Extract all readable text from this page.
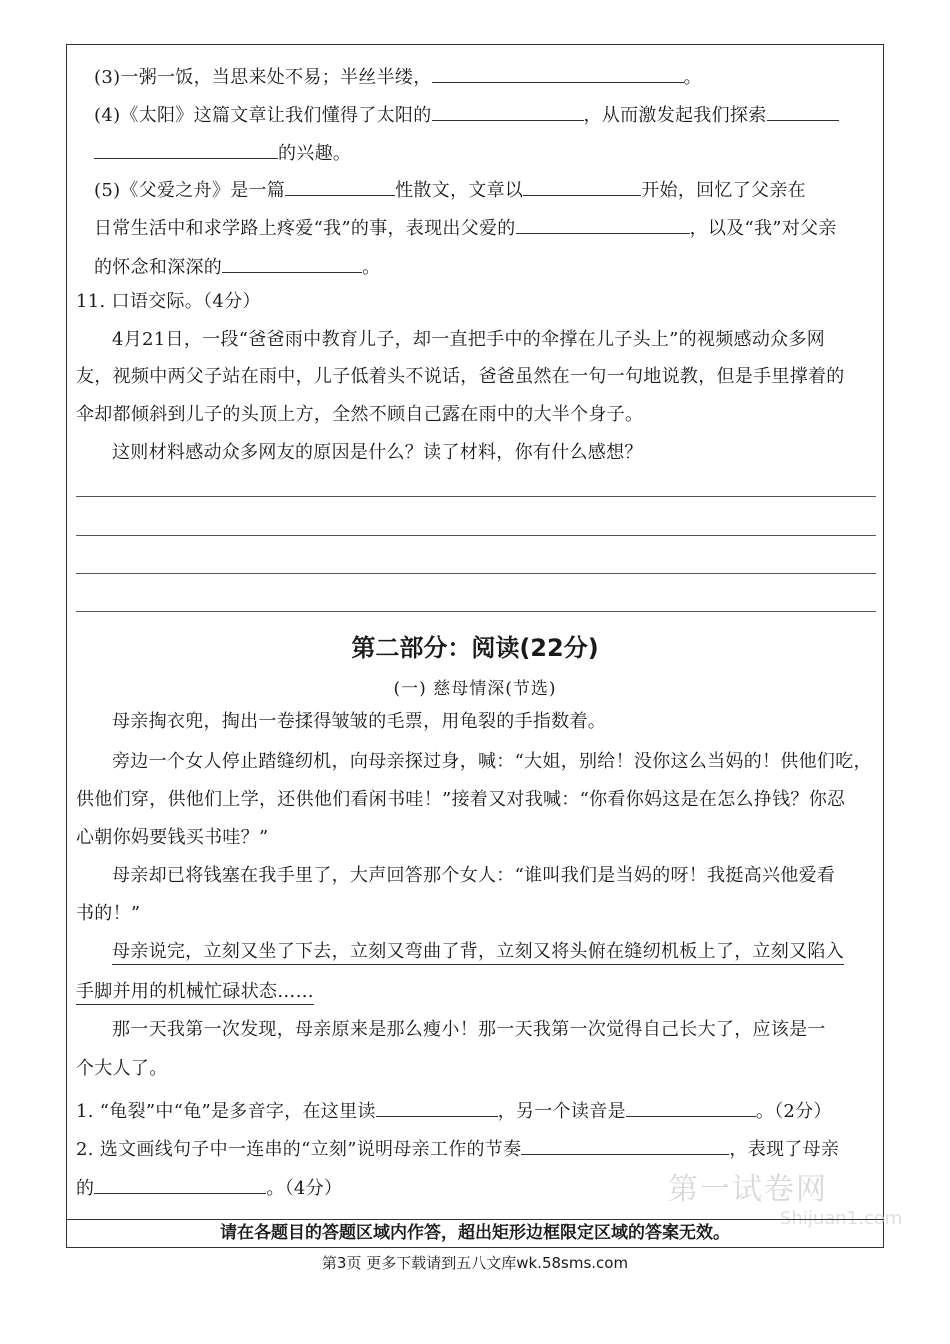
(3)一粥一饭，当思来处不易；半丝半缕，	。
(4)《太阳》这篇文章让我们懂得了太阳的	，从而激发起我们探索
的兴趣。
(5)《父爱之舟》是一篇	性散文，文章以	开始，回忆了父亲在
日常生活中和求学路上疼爱“我”的事，表现出父爱的	，以及“我”对父亲
的怀念和深深的	。
11. 口语交际。（4分）
4月21日，一段“爸爸雨中教育儿子，却一直把手中的伞撑在儿子头上”的视频感动众多网
友，视频中两父子站在雨中，儿子低着头不说话，爸爸虽然在一句一句地说教，但是手里撑着的
伞却都倾斜到儿子的头顶上方，全然不顾自己露在雨中的大半个身子。
这则材料感动众多网友的原因是什么？读了材料，你有什么感想？
第二部分：阅读(22分)
(一) 慈母情深(节选)
母亲掏衣兜，掏出一卷揉得皱皱的毛票，用龟裂的手指数着。
旁边一个女人停止踏缝纫机，向母亲探过身，喊：“大姐，别给！没你这么当妈的！供他们吃，
供他们穿，供他们上学，还供他们看闲书哇！”接着又对我喊：“你看你妈这是在怎么挣钱？你忍
心朝你妈要钱买书哇？”
母亲却已将钱塞在我手里了，大声回答那个女人：“谁叫我们是当妈的呀！我挺高兴他爱看
书的！”
母亲说完，立刻又坐了下去，立刻又弯曲了背，立刻又将头俯在缝纫机板上了，立刻又陷入
手脚并用的机械忙碌状态……
那一天我第一次发现，母亲原来是那么瘦小！那一天我第一次觉得自己长大了，应该是一
个大人了。
1. “龟裂”中“龟”是多音字，在这里读	，另一个读音是	。（2分）
2. 选文画线句子中一连串的“立刻”说明母亲工作的节奏	，表现了母亲
的	。（4分）	第一试卷网
Shijuan1.com
请在各题目的答题区域内作答，超出矩形边框限定区域的答案无效。
第3页 更多下载请到五八文库wk.58sms.com
